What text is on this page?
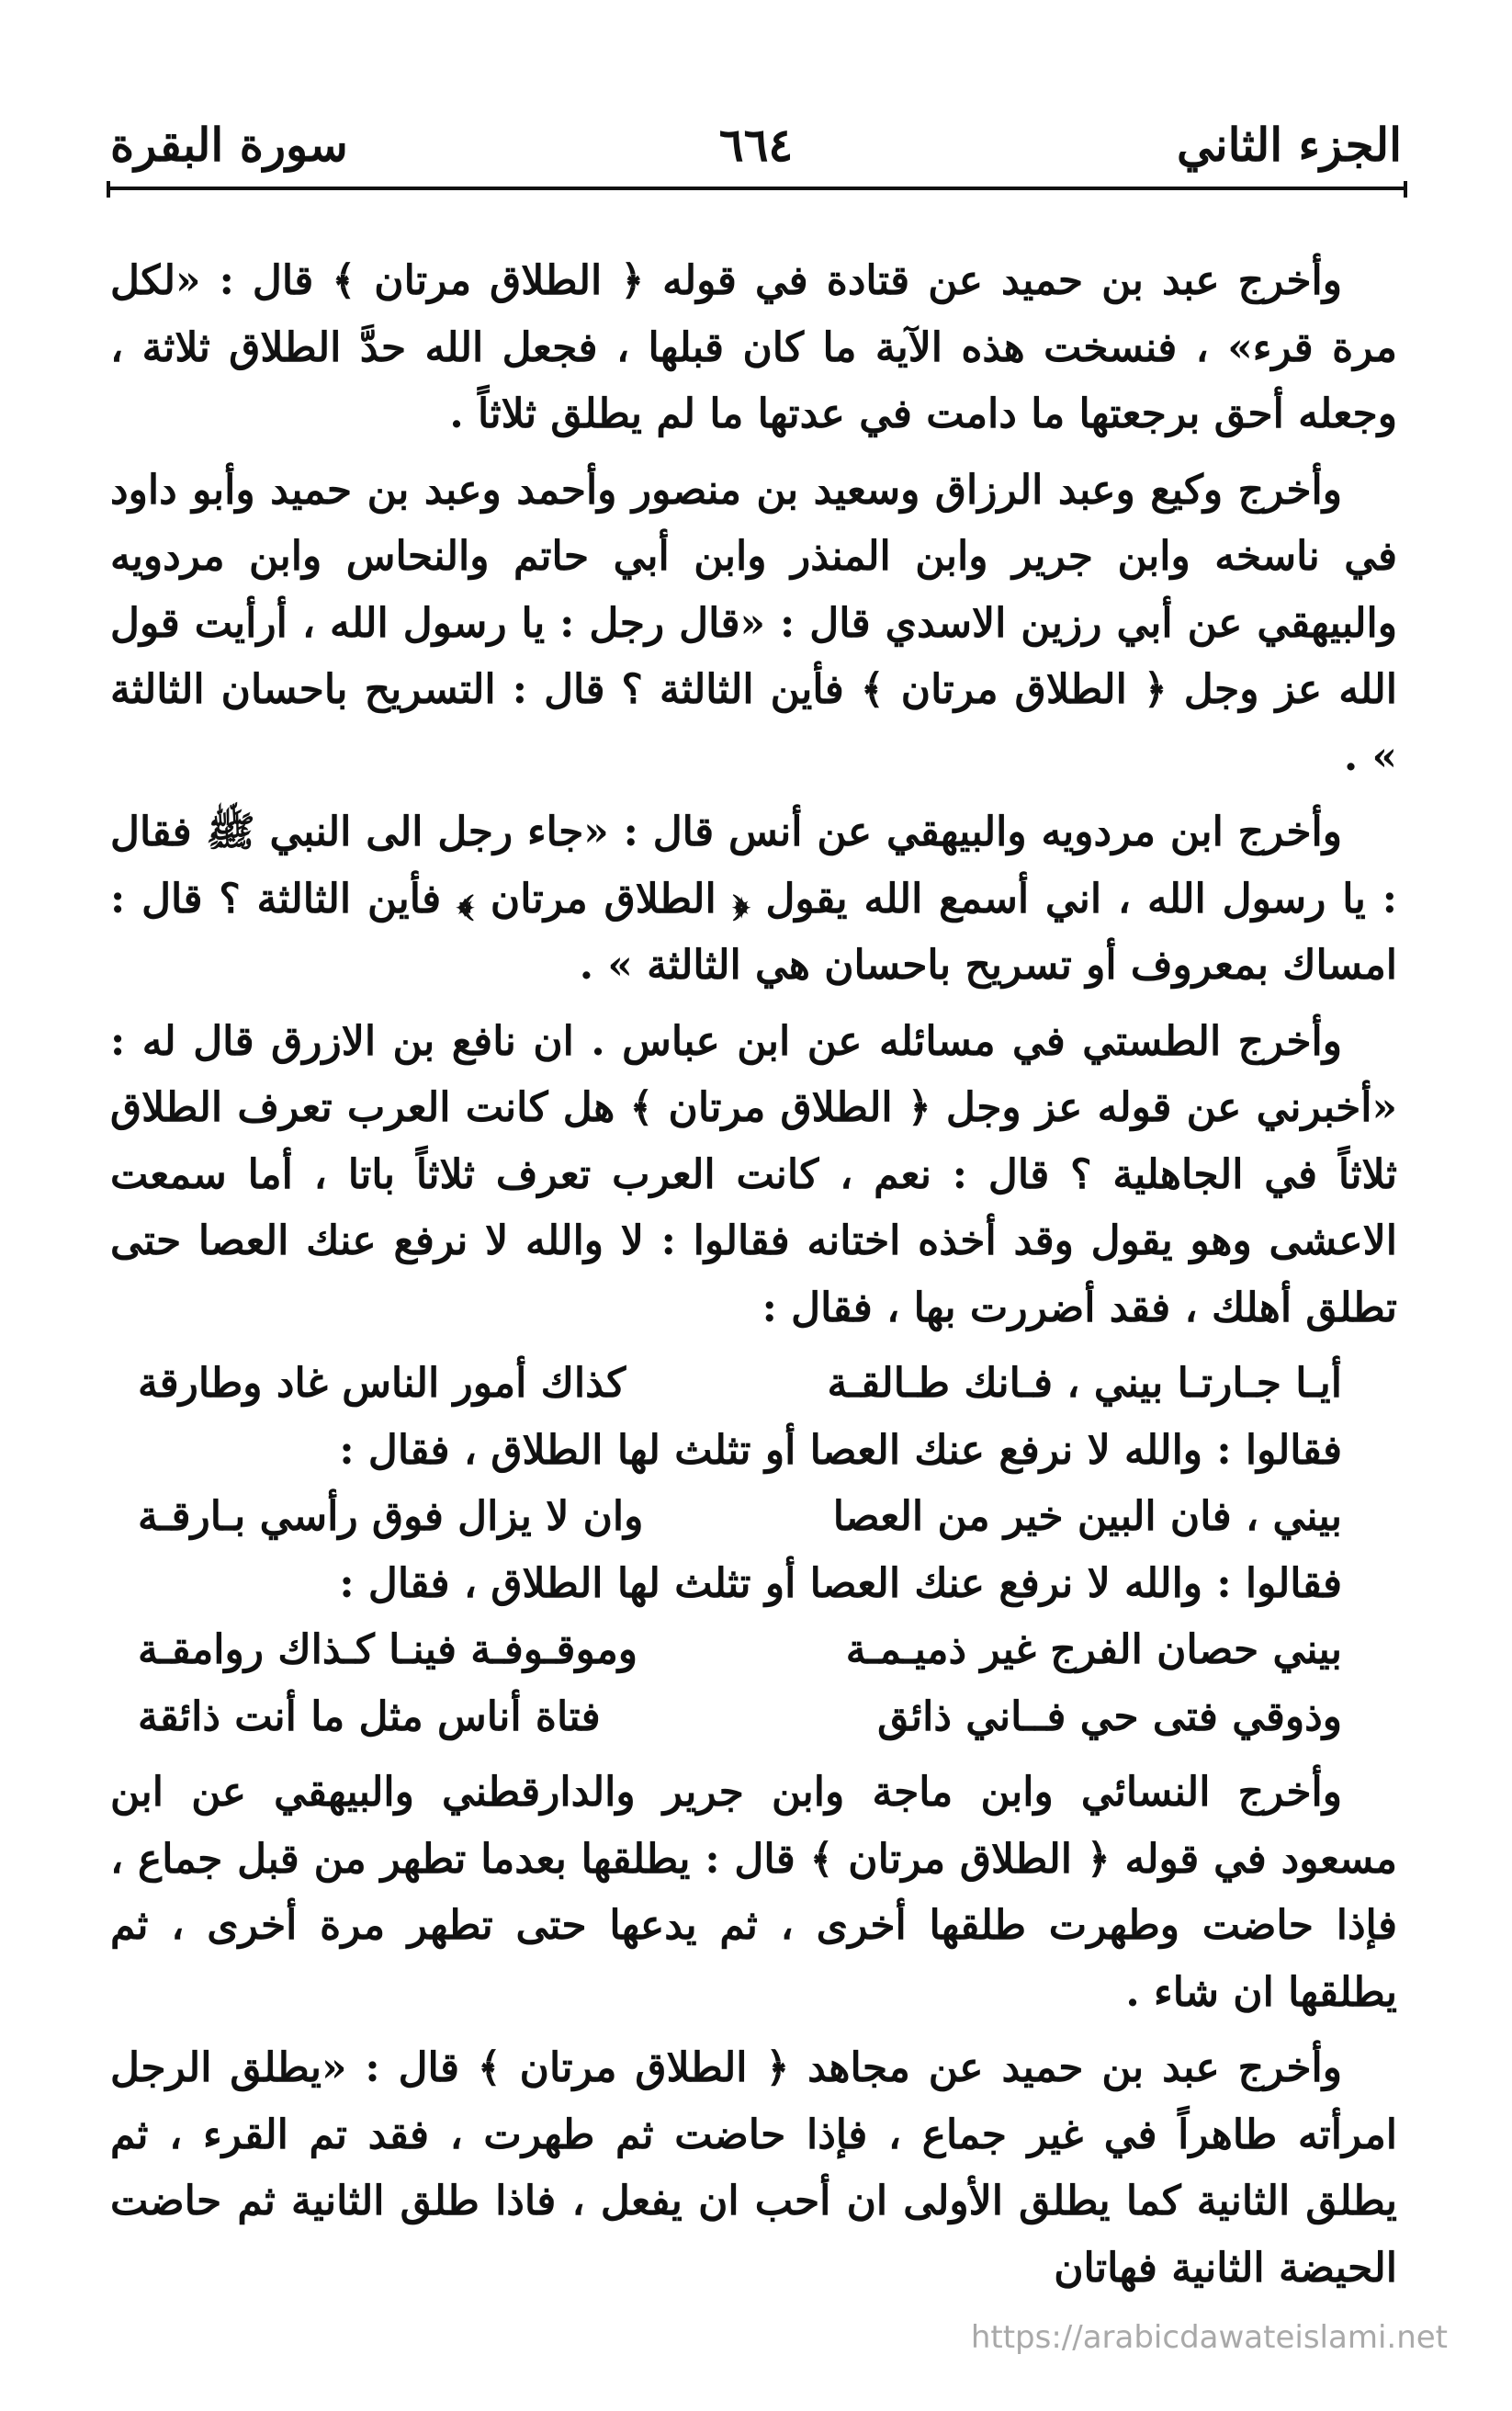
الجزء الثاني
٦٦٤
سورة البقرة

وأخرج عبد بن حميد عن قتادة في قوله ﴿ الطلاق مرتان ﴾ قال : «لكل مرة قرء» ، فنسخت هذه الآية ما كان قبلها ، فجعل الله حدَّ الطلاق ثلاثة ، وجعله أحق برجعتها ما دامت في عدتها ما لم يطلق ثلاثاً .

وأخرج وكيع وعبد الرزاق وسعيد بن منصور وأحمد وعبد بن حميد وأبو داود في ناسخه وابن جرير وابن المنذر وابن أبي حاتم والنحاس وابن مردويه والبيهقي عن أبي رزين الاسدي قال : «قال رجل : يا رسول الله ، أرأيت قول الله عز وجل ﴿ الطلاق مرتان ﴾ فأين الثالثة ؟ قال : التسريح باحسان الثالثة » .

وأخرج ابن مردويه والبيهقي عن أنس قال : «جاء رجل الى النبي ﷺ فقال : يا رسول الله ، اني أسمع الله يقول ﴿ الطلاق مرتان ﴾ فأين الثالثة ؟ قال : امساك بمعروف أو تسريح باحسان هي الثالثة » .

وأخرج الطستي في مسائله عن ابن عباس . ان نافع بن الازرق قال له : «أخبرني عن قوله عز وجل ﴿ الطلاق مرتان ﴾ هل كانت العرب تعرف الطلاق ثلاثاً في الجاهلية ؟ قال : نعم ، كانت العرب تعرف ثلاثاً باتا ، أما سمعت الاعشى وهو يقول وقد أخذه اختانه فقالوا : لا والله لا نرفع عنك العصا حتى تطلق أهلك ، فقد أضررت بها ، فقال :

أيـا جـارتـا بيني ، فـانك طـالقـة
كذاك أمور الناس غاد وطارقة
فقالوا : والله لا نرفع عنك العصا أو تثلث لها الطلاق ، فقال :
بيني ، فان البين خير من العصا
وان لا يزال فوق رأسي بـارقـة
فقالوا : والله لا نرفع عنك العصا أو تثلث لها الطلاق ، فقال :
بيني حصان الفرج غير ذميـمـة
وموقـوفـة فينـا كـذاك روامقـة
وذوقي فتى حي فــاني ذائق
فتاة أناس مثل ما أنت ذائقة

وأخرج النسائي وابن ماجة وابن جرير والدارقطني والبيهقي عن ابن مسعود في قوله ﴿ الطلاق مرتان ﴾ قال : يطلقها بعدما تطهر من قبل جماع ، فإذا حاضت وطهرت طلقها أخرى ، ثم يدعها حتى تطهر مرة أخرى ، ثم يطلقها ان شاء .

وأخرج عبد بن حميد عن مجاهد ﴿ الطلاق مرتان ﴾ قال : «يطلق الرجل امرأته طاهراً في غير جماع ، فإذا حاضت ثم طهرت ، فقد تم القرء ، ثم يطلق الثانية كما يطلق الأولى ان أحب ان يفعل ، فاذا طلق الثانية ثم حاضت الحيضة الثانية فهاتان

https://arabicdawateislami.net
